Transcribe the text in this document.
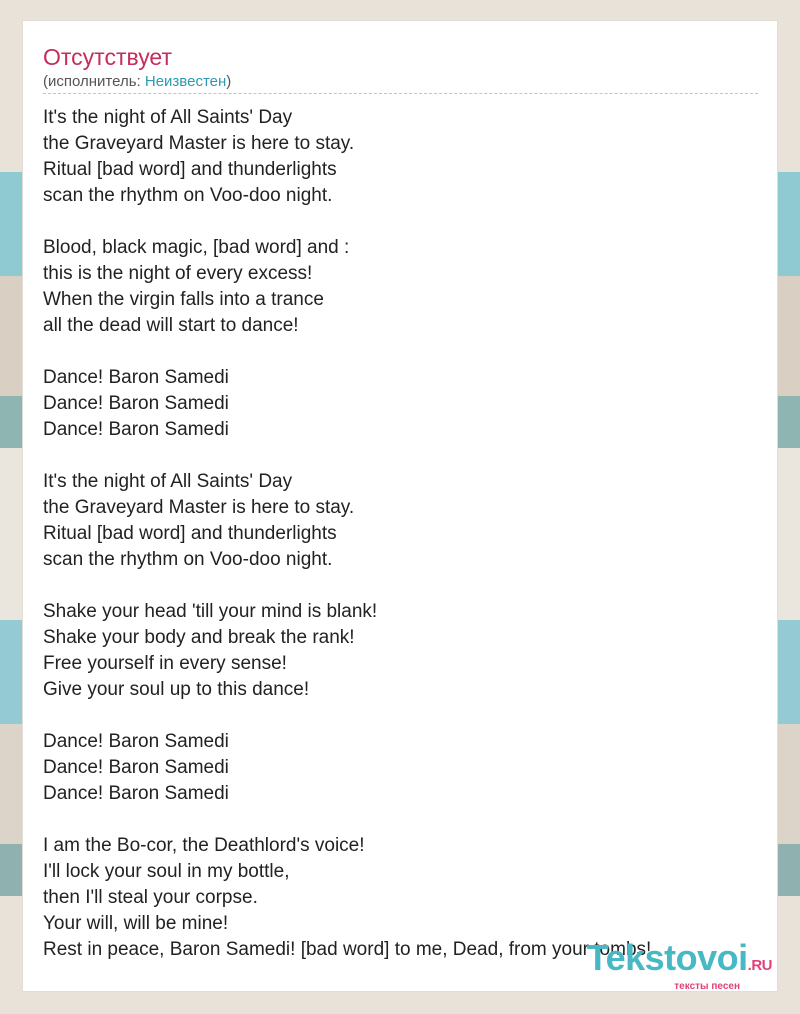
Отсутствует
(исполнитель: Неизвестен)
It's the night of All Saints' Day
the Graveyard Master is here to stay.
Ritual [bad word] and thunderlights
scan the rhythm on Voo-doo night.
Blood, black magic, [bad word] and :
this is the night of every excess!
When the virgin falls into a trance
all the dead will start to dance!
Dance! Baron Samedi
Dance! Baron Samedi
Dance! Baron Samedi
It's the night of All Saints' Day
the Graveyard Master is here to stay.
Ritual [bad word] and thunderlights
scan the rhythm on Voo-doo night.
Shake your head 'till your mind is blank!
Shake your body and break the rank!
Free yourself in every sense!
Give your soul up to this dance!
Dance! Baron Samedi
Dance! Baron Samedi
Dance! Baron Samedi
I am the Bo-cor, the Deathlord's voice!
I'll lock your soul in my bottle,
then I'll steal your corpse.
Your will, will be mine!
Rest in peace, Baron Samedi! [bad word] to me, Dead, from your tombs!
Tekstovoi.RU
тексты песен
